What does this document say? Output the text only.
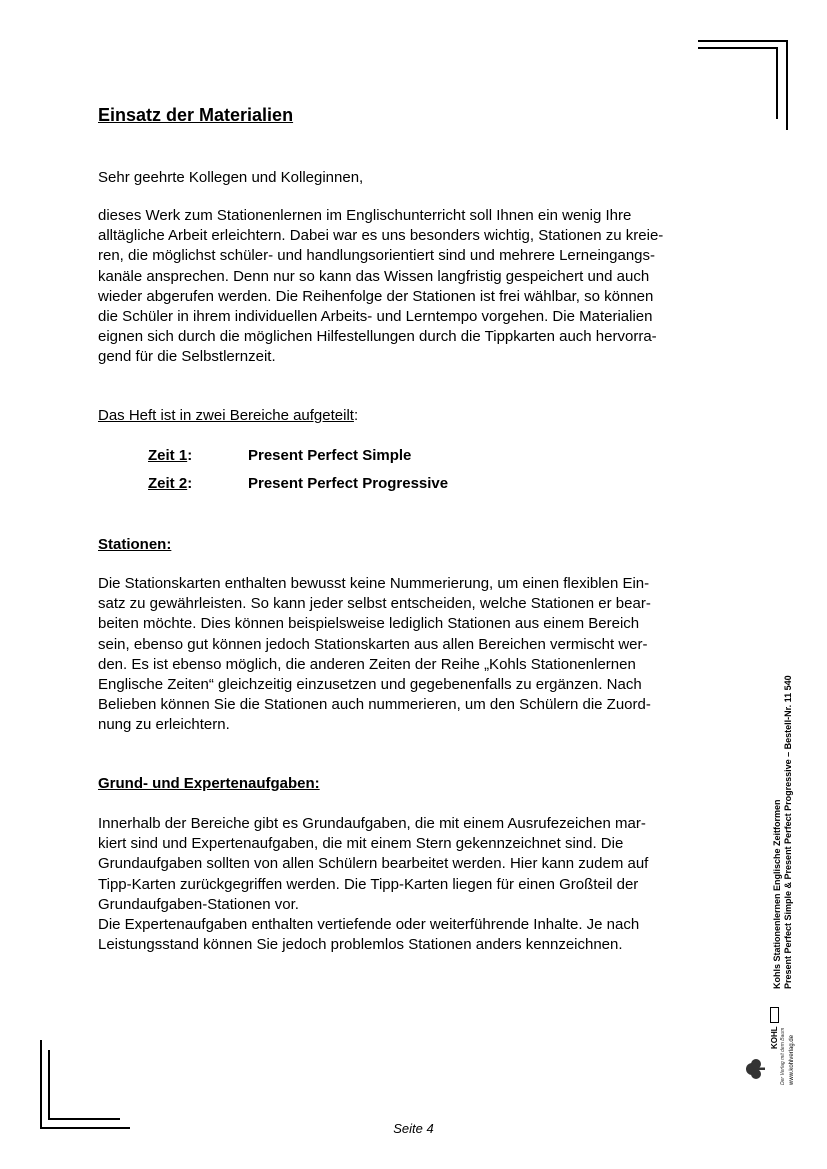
Einsatz der Materialien

Sehr geehrte Kollegen und Kolleginnen,

dieses Werk zum Stationenlernen im Englischunterricht soll Ihnen ein wenig Ihre
alltägliche Arbeit erleichtern. Dabei war es uns besonders wichtig, Stationen zu kreie-
ren, die möglichst schüler- und handlungsorientiert sind und mehrere Lerneingangs-
kanäle ansprechen. Denn nur so kann das Wissen langfristig gespeichert und auch
wieder abgerufen werden. Die Reihenfolge der Stationen ist frei wählbar, so können
die Schüler in ihrem individuellen Arbeits- und Lerntempo vorgehen. Die Materialien
eignen sich durch die möglichen Hilfestellungen durch die Tippkarten auch hervorra-
gend für die Selbstlernzeit.

Das Heft ist in zwei Bereiche aufgeteilt:
Zeit 1:	Present Perfect Simple
Zeit 2:	Present Perfect Progressive
Stationen:

Die Stationskarten enthalten bewusst keine Nummerierung, um einen flexiblen Ein-
satz zu gewährleisten. So kann jeder selbst entscheiden, welche Stationen er bear-
beiten möchte. Dies können beispielsweise lediglich Stationen aus einem Bereich
sein, ebenso gut können jedoch Stationskarten aus allen Bereichen vermischt wer-
den. Es ist ebenso möglich, die anderen Zeiten der Reihe „Kohls Stationenlernen
Englische Zeiten“ gleichzeitig einzusetzen und gegebenenfalls zu ergänzen. Nach
Belieben können Sie die Stationen auch nummerieren, um den Schülern die Zuord-
nung zu erleichtern.

Grund- und Expertenaufgaben:

Innerhalb der Bereiche gibt es Grundaufgaben, die mit einem Ausrufezeichen mar-
kiert sind und Expertenaufgaben, die mit einem Stern gekennzeichnet sind. Die
Grundaufgaben sollten von allen Schülern bearbeitet werden. Hier kann zudem auf
Tipp-Karten zurückgegriffen werden. Die Tipp-Karten liegen für einen Großteil der
Grundaufgaben-Stationen vor.
Die Expertenaufgaben enthalten vertiefende oder weiterführende Inhalte. Je nach
Leistungsstand können Sie jedoch problemlos Stationen anders kennzeichnen.	Kohls Stationenlernen Englische Zeitformen Present Perfect Simple & Present Perfect Progressive – Bestell-Nr. 11 540
www.kohlverlag.de
KOHL Der Verlag mit dem Baum
Seite 4
